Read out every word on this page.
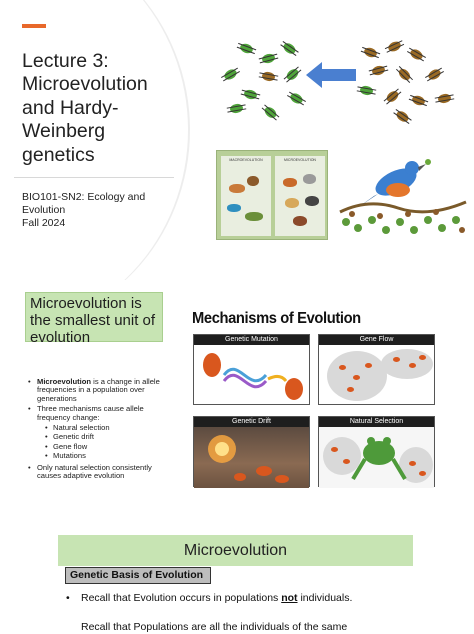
Lecture 3:
Microevolution
and Hardy-
Weinberg
genetics
BIO101-SN2: Ecology and
Evolution
Fall 2024
MACROEVOLUTION	MICROEVOLUTION
Microevolution is the smallest unit of evolution
• Microevolution is a change in allele frequencies in a population over generations
• Three mechanisms cause allele frequency change:
• Natural selection
• Genetic drift
• Gene flow
• Mutations
• Only natural selection consistently causes adaptive evolution
Mechanisms of Evolution
Genetic Mutation	Gene Flow
Genetic Drift	Natural Selection
Microevolution
Genetic Basis of Evolution
• Recall that Evolution occurs in populations not individuals.
Recall that Populations are all the individuals of the same
